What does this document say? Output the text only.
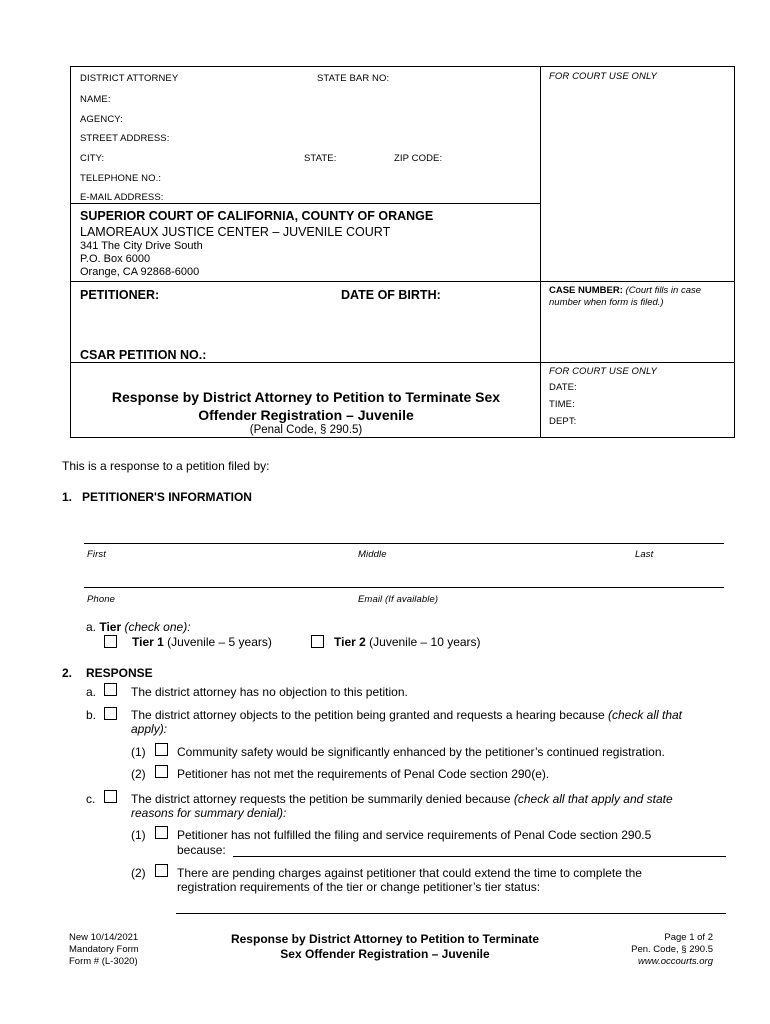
DISTRICT ATTORNEY	STATE BAR NO:	FOR COURT USE ONLY
NAME:
AGENCY:
STREET ADDRESS:
CITY:	STATE:	ZIP CODE:
TELEPHONE NO.:
E-MAIL ADDRESS:
SUPERIOR COURT OF CALIFORNIA, COUNTY OF ORANGE
LAMOREAUX JUSTICE CENTER – JUVENILE COURT
341 The City Drive South
P.O. Box 6000
Orange, CA 92868-6000
PETITIONER:	DATE OF BIRTH:	CASE NUMBER: (Court fills in case number when form is filed.)
CSAR PETITION NO.:
Response by District Attorney to Petition to Terminate Sex
Offender Registration – Juvenile
(Penal Code, § 290.5)
FOR COURT USE ONLY
DATE:
TIME:
DEPT:
This is a response to a petition filed by:
1.   PETITIONER'S INFORMATION
First	Middle	Last
Phone	Email (If available)
a. Tier (check one):
Tier 1 (Juvenile – 5 years)	Tier 2 (Juvenile – 10 years)
2. RESPONSE
a.	The district attorney has no objection to this petition.
b.	The district attorney objects to the petition being granted and requests a hearing because (check all that
apply):
(1)	Community safety would be significantly enhanced by the petitioner’s continued registration.
(2)	Petitioner has not met the requirements of Penal Code section 290(e).
c.	The district attorney requests the petition be summarily denied because (check all that apply and state
reasons for summary denial):
(1)	Petitioner has not fulfilled the filing and service requirements of Penal Code section 290.5
because:
(2)	There are pending charges against petitioner that could extend the time to complete the
registration requirements of the tier or change petitioner’s tier status:
New 10/14/2021
Mandatory Form
Form # (L-3020)
Response by District Attorney to Petition to Terminate
Sex Offender Registration – Juvenile
Page 1 of 2
Pen. Code, § 290.5
www.occourts.org
